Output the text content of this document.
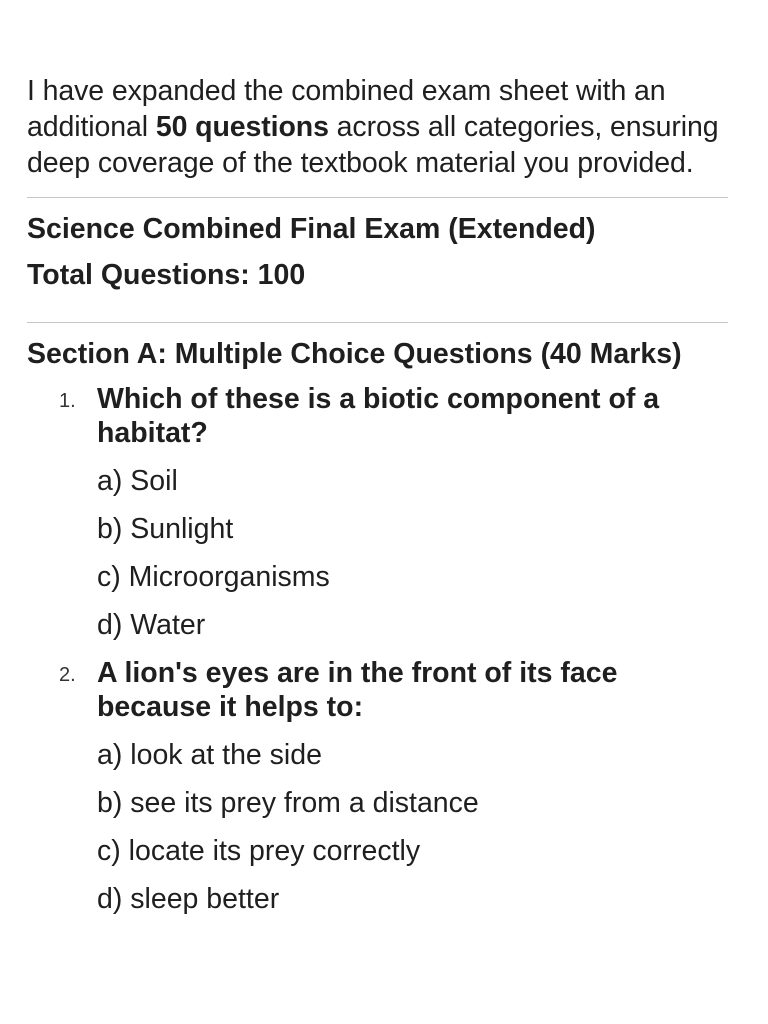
I have expanded the combined exam sheet with an additional 50 questions across all categories, ensuring deep coverage of the textbook material you provided.

Science Combined Final Exam (Extended)
Total Questions: 100
Section A: Multiple Choice Questions (40 Marks)
1. Which of these is a biotic component of a habitat?
a) Soil
b) Sunlight
c) Microorganisms
d) Water
2. A lion's eyes are in the front of its face because it helps to:
a) look at the side
b) see its prey from a distance
c) locate its prey correctly
d) sleep better
